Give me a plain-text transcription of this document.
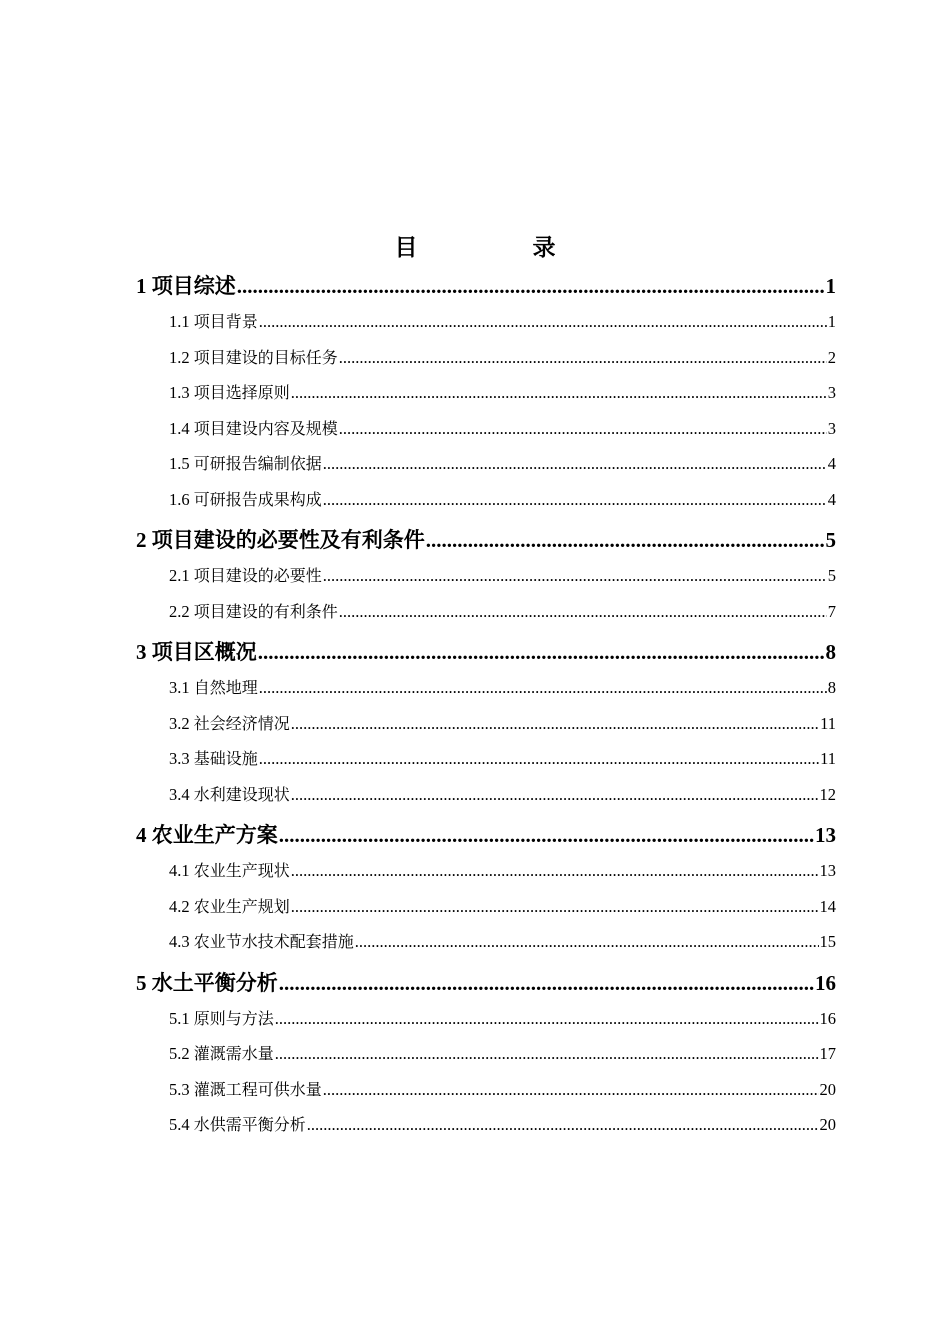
目　录
1 项目综述 .....	1
1.1 项目背景 .....	1
1.2 项目建设的目标任务 .....	2
1.3 项目选择原则 .....	3
1.4 项目建设内容及规模 .....	3
1.5 可研报告编制依据 .....	4
1.6 可研报告成果构成 .....	4
2 项目建设的必要性及有利条件 .....	5
2.1 项目建设的必要性 .....	5
2.2 项目建设的有利条件 .....	7
3 项目区概况 .....	8
3.1 自然地理 .....	8
3.2 社会经济情况 .....	11
3.3 基础设施 .....	11
3.4 水利建设现状 .....	12
4 农业生产方案 .....	13
4.1 农业生产现状 .....	13
4.2 农业生产规划 .....	14
4.3 农业节水技术配套措施 .....	15
5 水土平衡分析 .....	16
5.1 原则与方法 .....	16
5.2 灌溉需水量 .....	17
5.3 灌溉工程可供水量 .....	20
5.4 水供需平衡分析 .....	20
